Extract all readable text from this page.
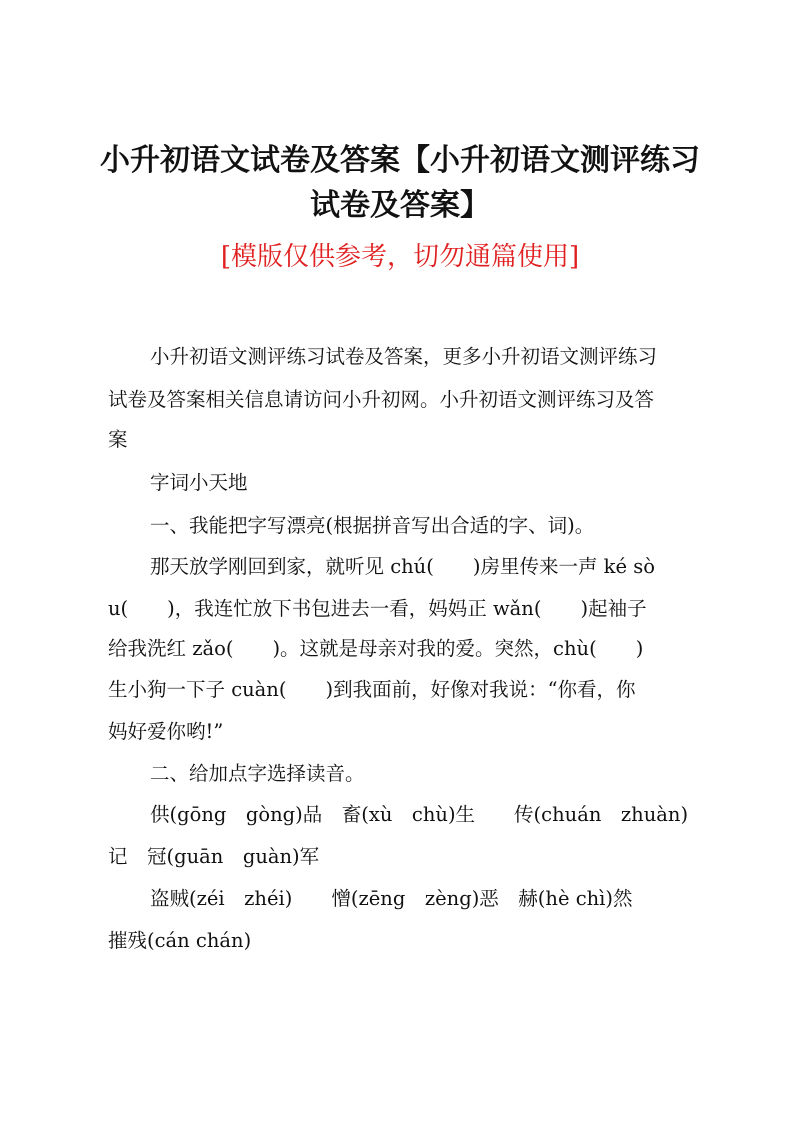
小升初语文试卷及答案【小升初语文测评练习
试卷及答案】
[模版仅供参考，切勿通篇使用]
小升初语文测评练习试卷及答案，更多小升初语文测评练习
试卷及答案相关信息请访问小升初网。小升初语文测评练习及答
案
字词小天地
一、我能把字写漂亮(根据拼音写出合适的字、词)。
那天放学刚回到家，就听见 chú(　　)房里传来一声 ké sò
u(　　)，我连忙放下书包进去一看，妈妈正 wǎn(　　)起袖子
给我洗红 zǎo(　　)。这就是母亲对我的爱。突然，chù(　　)
生小狗一下子 cuàn(　　)到我面前，好像对我说：“你看，你
妈好爱你哟!”
二、给加点字选择读音。
供(gōng　gòng)品　畜(xù　chù)生　　传(chuán　zhuàn)
记　冠(guān　guàn)军
盗贼(zéi　zhéi)　　憎(zēng　zèng)恶　赫(hè chì)然
摧残(cán chán)
